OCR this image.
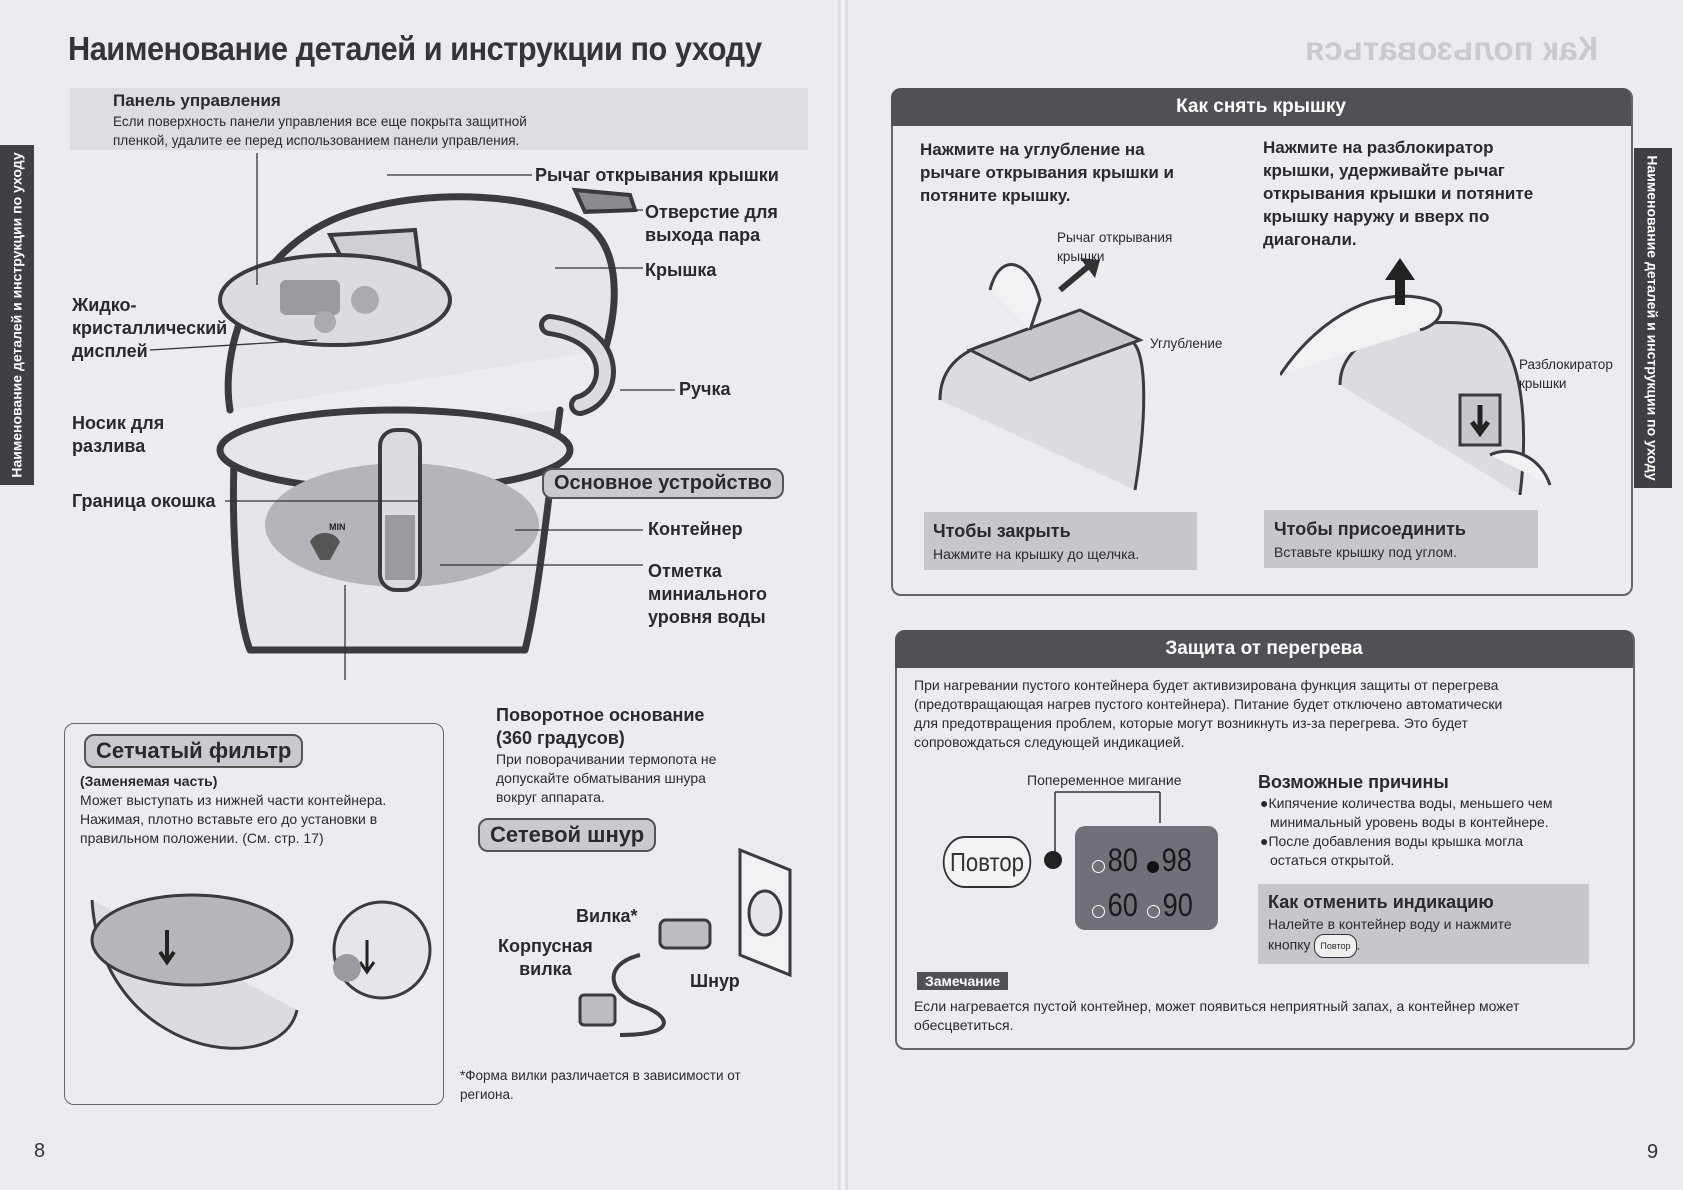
Наименование деталей и инструкции по уходу
Наименование деталей и инструкции по уходу
Панель управления
Если поверхность панели управления все еще покрыта защитной
пленкой, удалите ее перед использованием панели управления.
MIN
Рычаг открывания крышки
Отверстие для
выхода пара
Крышка
Жидко-
кристаллический
дисплей
Ручка
Носик для
разлива
Основное устройство
Граница окошка
Контейнер
Отметка
миниального
уровня воды
Поворотное основание
(360 градусов)
При поворачивании термопота не
допускайте обматывания шнура
вокруг аппарата.
Сетчатый фильтр
(Заменяемая часть)
Может выступать из нижней части контейнера.
Нажимая, плотно вставьте его до установки в
правильном положении. (См. стр. 17)	Сетевой шнур
Вилка*
Корпусная
вилка
Шнур
*Форма вилки различается в зависимости от
региона.
8
Как пользоваться
Наименование деталей и инструкции по уходу
Как снять крышку
Нажмите на углубление на
рычаге открывания крышки и
потяните крышку.
Нажмите на разблокиратор
крышки, удерживайте рычаг
открывания крышки и потяните
крышку наружу и вверх по
диагонали.
Рычаг открывания
крышки
Углубление
Разблокиратор
крышки
Чтобы закрыть
Нажмите на крышку до щелчка.
Чтобы присоединить
Вставьте крышку под углом.
Защита от перегрева
При нагревании пустого контейнера будет активизирована функция защиты от перегрева
(предотвращающая нагрев пустого контейнера). Питание будет отключено автоматически
для предотвращения проблем, которые могут возникнуть из-за перегрева. Это будет
сопровождаться следующей индикацией.
Попеременное мигание
Повтор	80 98
60 90
Возможные причины
●Кипячение количества воды, меньшего чем
минимальный уровень воды в контейнере.
●После добавления воды крышка могла
остаться открытой.
Как отменить индикацию
Налейте в контейнер воду и нажмите
кнопку Повтор .
Замечание
Если нагревается пустой контейнер, может появиться неприятный запах, а контейнер может
обесцветиться.
9
